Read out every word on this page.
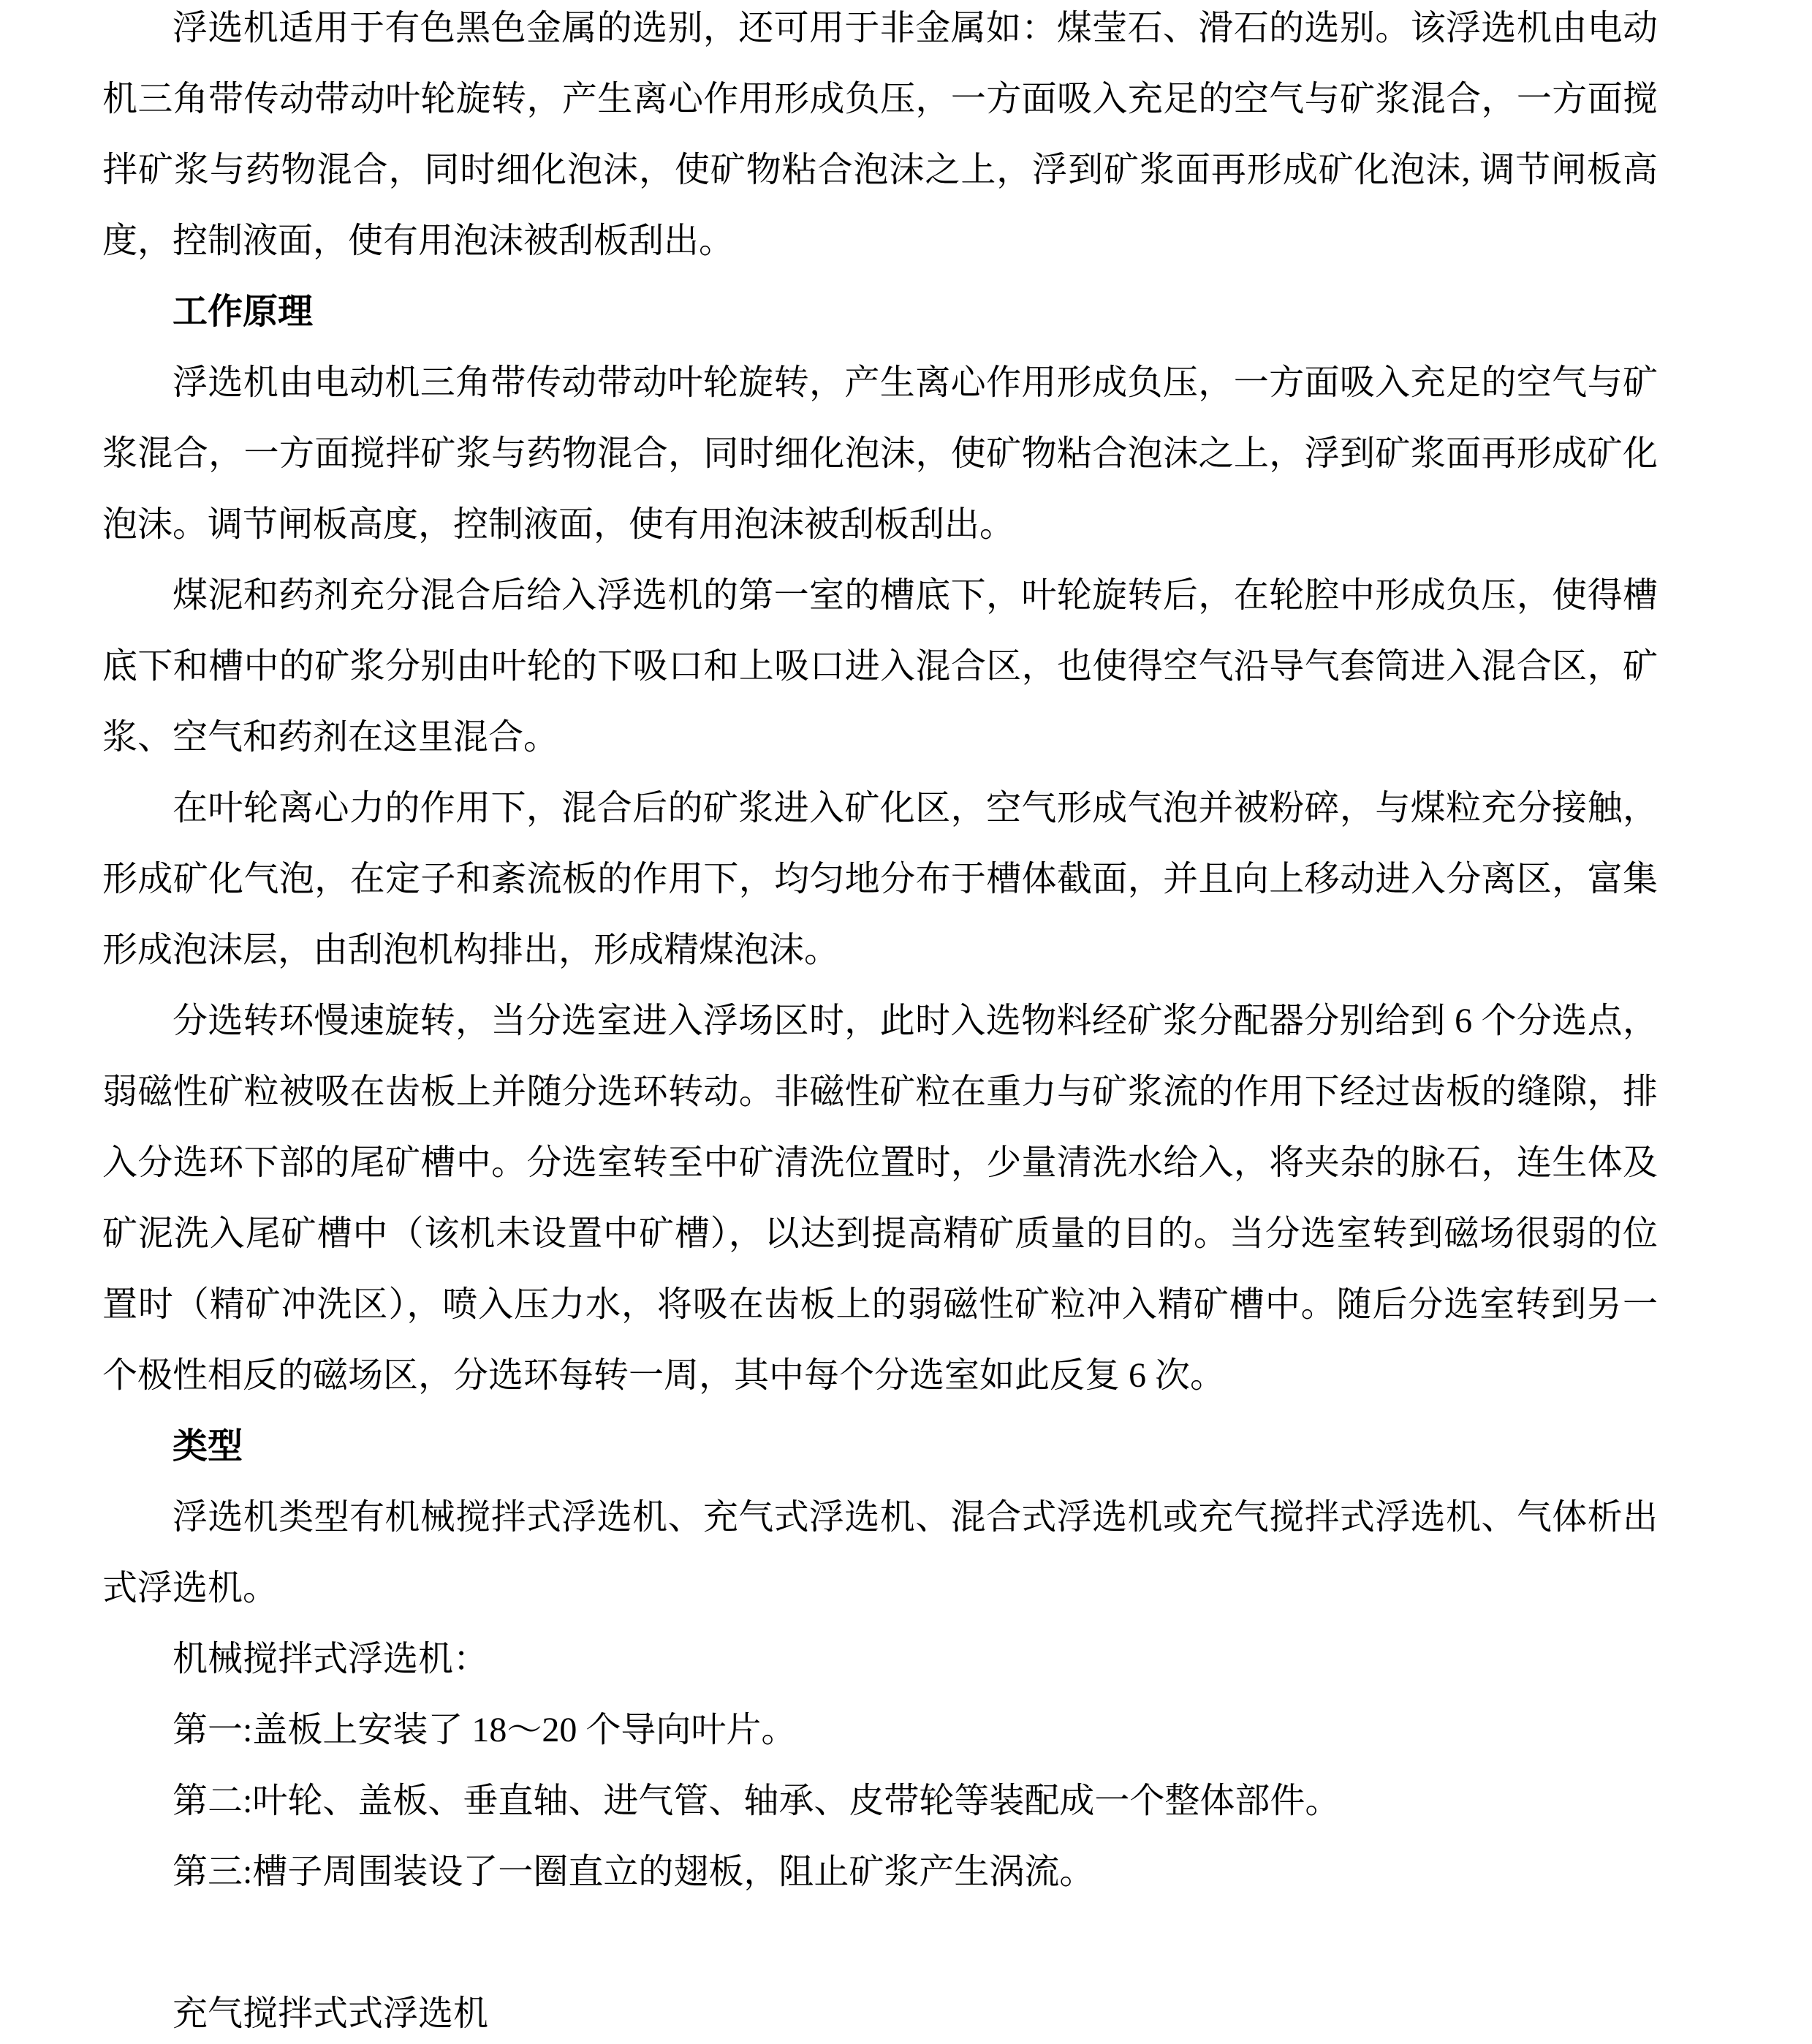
浮选机适用于有色黑色金属的选别，还可用于非金属如：煤莹石、滑石的选别。该浮选机由电动机三角带传动带动叶轮旋转，产生离心作用形成负压，一方面吸入充足的空气与矿浆混合，一方面搅拌矿浆与药物混合，同时细化泡沫，使矿物粘合泡沫之上，浮到矿浆面再形成矿化泡沫, 调节闸板高度，控制液面，使有用泡沫被刮板刮出。

工作原理

浮选机由电动机三角带传动带动叶轮旋转，产生离心作用形成负压，一方面吸入充足的空气与矿浆混合，一方面搅拌矿浆与药物混合，同时细化泡沫，使矿物粘合泡沫之上，浮到矿浆面再形成矿化泡沫。调节闸板高度，控制液面，使有用泡沫被刮板刮出。

煤泥和药剂充分混合后给入浮选机的第一室的槽底下，叶轮旋转后，在轮腔中形成负压，使得槽底下和槽中的矿浆分别由叶轮的下吸口和上吸口进入混合区，也使得空气沿导气套筒进入混合区，矿浆、空气和药剂在这里混合。

在叶轮离心力的作用下，混合后的矿浆进入矿化区，空气形成气泡并被粉碎，与煤粒充分接触，形成矿化气泡，在定子和紊流板的作用下，均匀地分布于槽体截面，并且向上移动进入分离区，富集形成泡沫层，由刮泡机构排出，形成精煤泡沫。

分选转环慢速旋转，当分选室进入浮场区时，此时入选物料经矿浆分配器分别给到 6 个分选点，弱磁性矿粒被吸在齿板上并随分选环转动。非磁性矿粒在重力与矿浆流的作用下经过齿板的缝隙，排入分选环下部的尾矿槽中。分选室转至中矿清洗位置时，少量清洗水给入，将夹杂的脉石，连生体及矿泥洗入尾矿槽中（该机未设置中矿槽），以达到提高精矿质量的目的。当分选室转到磁场很弱的位置时（精矿冲洗区），喷入压力水，将吸在齿板上的弱磁性矿粒冲入精矿槽中。随后分选室转到另一个极性相反的磁场区，分选环每转一周，其中每个分选室如此反复 6 次。

类型

浮选机类型有机械搅拌式浮选机、充气式浮选机、混合式浮选机或充气搅拌式浮选机、气体析出式浮选机。

机械搅拌式浮选机：

第一:盖板上安装了 18～20 个导向叶片。

第二:叶轮、盖板、垂直轴、进气管、轴承、皮带轮等装配成一个整体部件。

第三:槽子周围装设了一圈直立的翅板，阻止矿浆产生涡流。

充气搅拌式式浮选机
